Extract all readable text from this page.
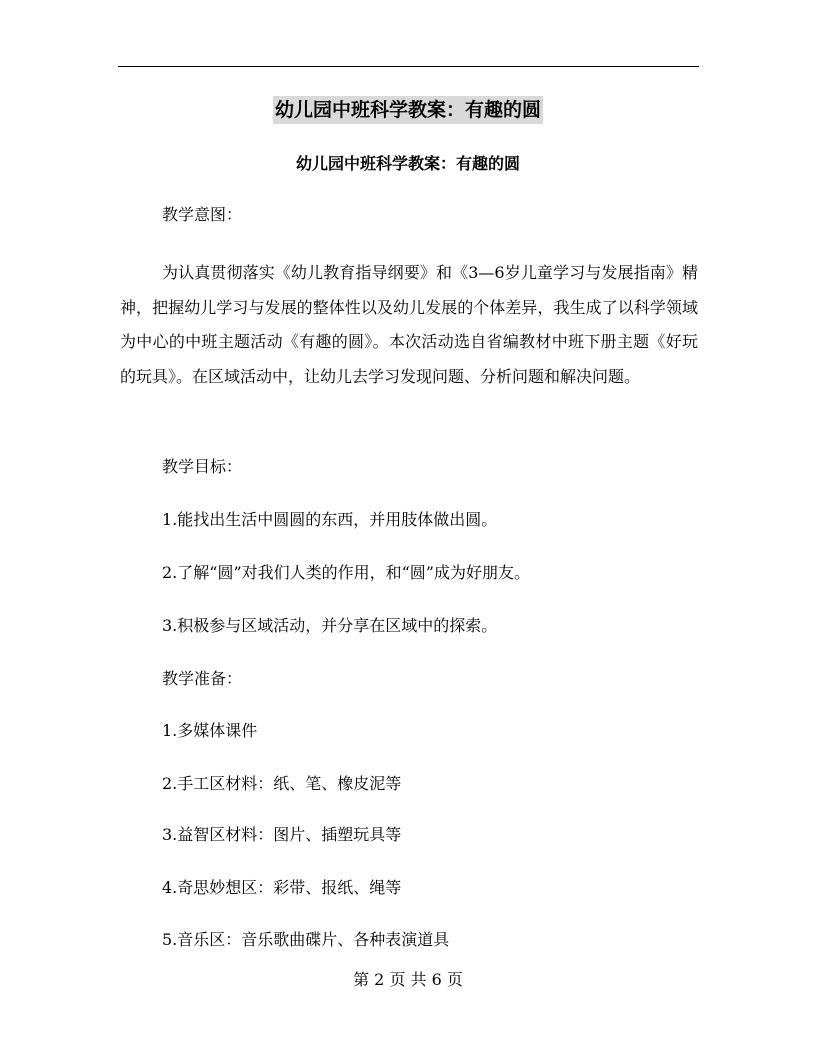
幼儿园中班科学教案：有趣的圆
幼儿园中班科学教案：有趣的圆
教学意图：
为认真贯彻落实《幼儿教育指导纲要》和《3—6岁儿童学习与发展指南》精神，把握幼儿学习与发展的整体性以及幼儿发展的个体差异，我生成了以科学领域为中心的中班主题活动《有趣的圆》。本次活动选自省编教材中班下册主题《好玩的玩具》。在区域活动中，让幼儿去学习发现问题、分析问题和解决问题。
教学目标：
1.能找出生活中圆圆的东西，并用肢体做出圆。
2.了解“圆”对我们人类的作用，和“圆”成为好朋友。
3.积极参与区域活动，并分享在区域中的探索。
教学准备：
1.多媒体课件
2.手工区材料：纸、笔、橡皮泥等
3.益智区材料：图片、插塑玩具等
4.奇思妙想区：彩带、报纸、绳等
5.音乐区：音乐歌曲碟片、各种表演道具
第 2 页 共 6 页
